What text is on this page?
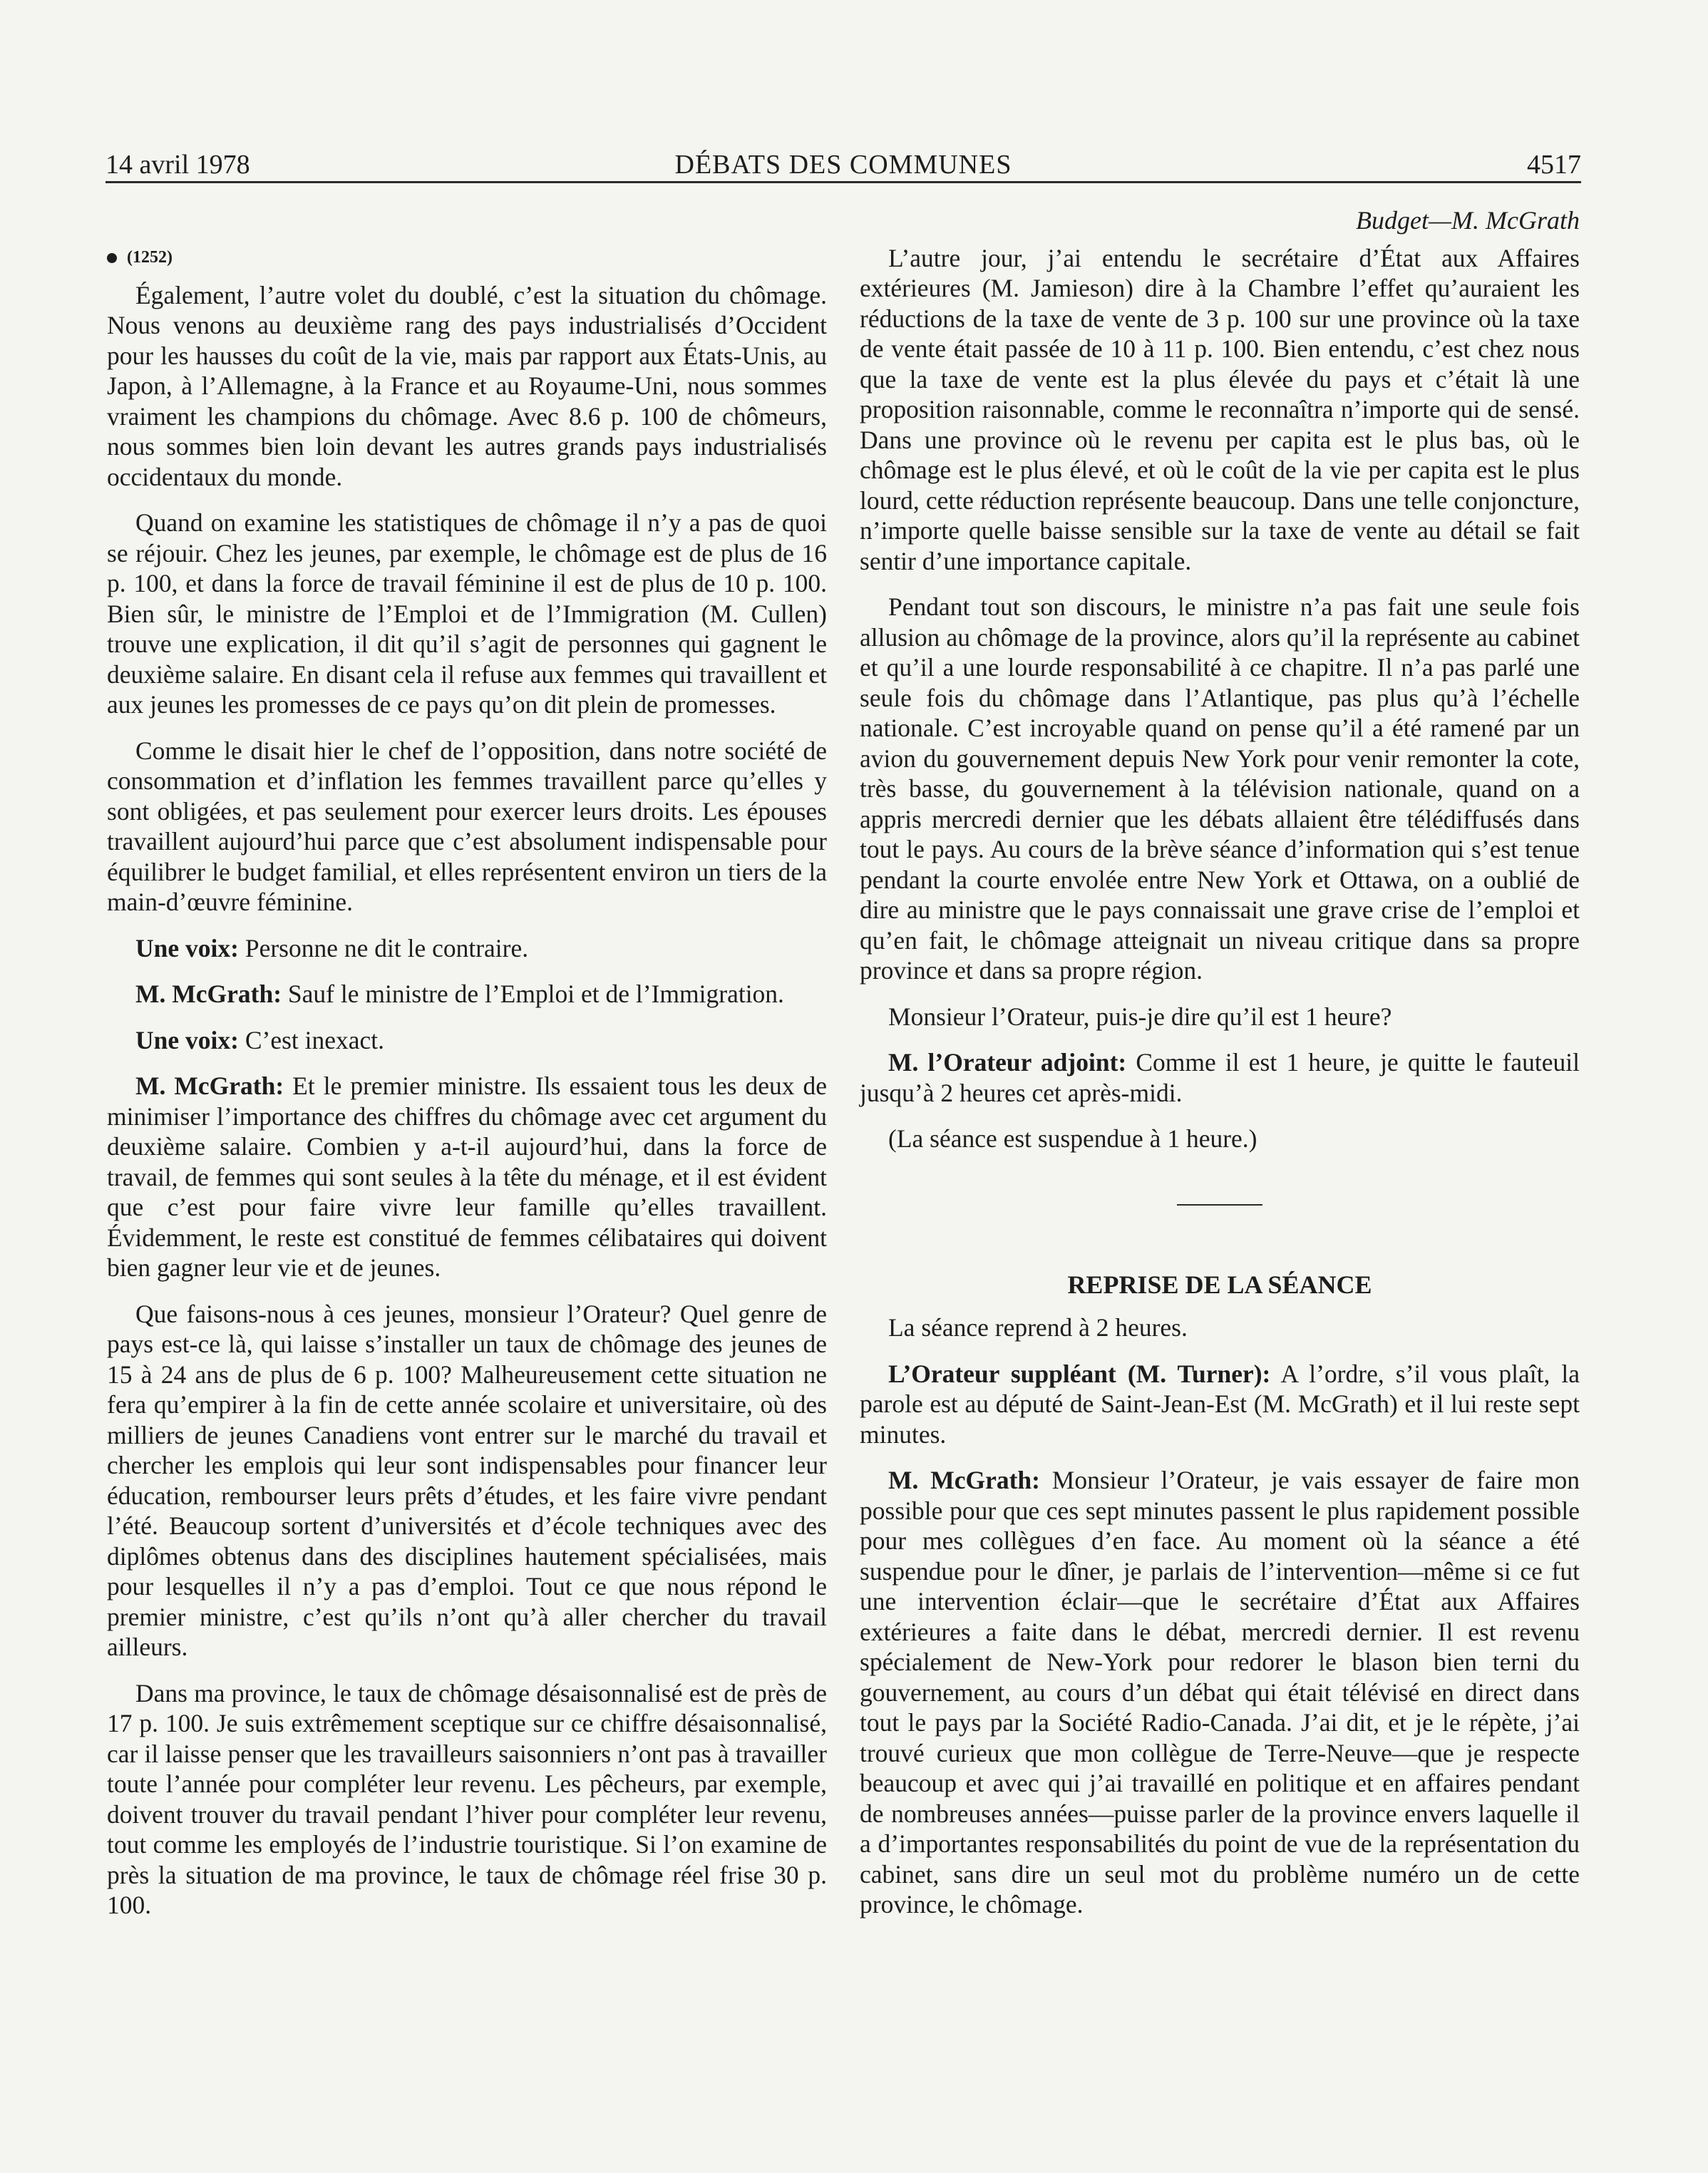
14 avril 1978	DÉBATS DES COMMUNES	4517
(1252)

Également, l’autre volet du doublé, c’est la situation du chômage. Nous venons au deuxième rang des pays industrialisés d’Occident pour les hausses du coût de la vie, mais par rapport aux États-Unis, au Japon, à l’Allemagne, à la France et au Royaume-Uni, nous sommes vraiment les champions du chômage. Avec 8.6 p. 100 de chômeurs, nous sommes bien loin devant les autres grands pays industrialisés occidentaux du monde.

Quand on examine les statistiques de chômage il n’y a pas de quoi se réjouir. Chez les jeunes, par exemple, le chômage est de plus de 16 p. 100, et dans la force de travail féminine il est de plus de 10 p. 100. Bien sûr, le ministre de l’Emploi et de l’Immigration (M. Cullen) trouve une explication, il dit qu’il s’agit de personnes qui gagnent le deuxième salaire. En disant cela il refuse aux femmes qui travaillent et aux jeunes les promesses de ce pays qu’on dit plein de promesses.

Comme le disait hier le chef de l’opposition, dans notre société de consommation et d’inflation les femmes travaillent parce qu’elles y sont obligées, et pas seulement pour exercer leurs droits. Les épouses travaillent aujourd’hui parce que c’est absolument indispensable pour équilibrer le budget familial, et elles représentent environ un tiers de la main-d’œuvre féminine.

Une voix: Personne ne dit le contraire.

M. McGrath: Sauf le ministre de l’Emploi et de l’Immigration.

Une voix: C’est inexact.

M. McGrath: Et le premier ministre. Ils essaient tous les deux de minimiser l’importance des chiffres du chômage avec cet argument du deuxième salaire. Combien y a-t-il aujourd’hui, dans la force de travail, de femmes qui sont seules à la tête du ménage, et il est évident que c’est pour faire vivre leur famille qu’elles travaillent. Évidemment, le reste est constitué de femmes célibataires qui doivent bien gagner leur vie et de jeunes.

Que faisons-nous à ces jeunes, monsieur l’Orateur? Quel genre de pays est-ce là, qui laisse s’installer un taux de chômage des jeunes de 15 à 24 ans de plus de 6 p. 100? Malheureusement cette situation ne fera qu’empirer à la fin de cette année scolaire et universitaire, où des milliers de jeunes Canadiens vont entrer sur le marché du travail et chercher les emplois qui leur sont indispensables pour financer leur éducation, rembourser leurs prêts d’études, et les faire vivre pendant l’été. Beaucoup sortent d’universités et d’école techniques avec des diplômes obtenus dans des disciplines hautement spécialisées, mais pour lesquelles il n’y a pas d’emploi. Tout ce que nous répond le premier ministre, c’est qu’ils n’ont qu’à aller chercher du travail ailleurs.

Dans ma province, le taux de chômage désaisonnalisé est de près de 17 p. 100. Je suis extrêmement sceptique sur ce chiffre désaisonnalisé, car il laisse penser que les travailleurs saisonniers n’ont pas à travailler toute l’année pour compléter leur revenu. Les pêcheurs, par exemple, doivent trouver du travail pendant l’hiver pour compléter leur revenu, tout comme les employés de l’industrie touristique. Si l’on examine de près la situation de ma province, le taux de chômage réel frise 30 p. 100.

Budget—M. McGrath

L’autre jour, j’ai entendu le secrétaire d’État aux Affaires extérieures (M. Jamieson) dire à la Chambre l’effet qu’auraient les réductions de la taxe de vente de 3 p. 100 sur une province où la taxe de vente était passée de 10 à 11 p. 100. Bien entendu, c’est chez nous que la taxe de vente est la plus élevée du pays et c’était là une proposition raisonnable, comme le reconnaîtra n’importe qui de sensé. Dans une province où le revenu per capita est le plus bas, où le chômage est le plus élevé, et où le coût de la vie per capita est le plus lourd, cette réduction représente beaucoup. Dans une telle conjoncture, n’importe quelle baisse sensible sur la taxe de vente au détail se fait sentir d’une importance capitale.

Pendant tout son discours, le ministre n’a pas fait une seule fois allusion au chômage de la province, alors qu’il la représente au cabinet et qu’il a une lourde responsabilité à ce chapitre. Il n’a pas parlé une seule fois du chômage dans l’Atlantique, pas plus qu’à l’échelle nationale. C’est incroyable quand on pense qu’il a été ramené par un avion du gouvernement depuis New York pour venir remonter la cote, très basse, du gouvernement à la télévision nationale, quand on a appris mercredi dernier que les débats allaient être télédiffusés dans tout le pays. Au cours de la brève séance d’information qui s’est tenue pendant la courte envolée entre New York et Ottawa, on a oublié de dire au ministre que le pays connaissait une grave crise de l’emploi et qu’en fait, le chômage atteignait un niveau critique dans sa propre province et dans sa propre région.

Monsieur l’Orateur, puis-je dire qu’il est 1 heure?

M. l’Orateur adjoint: Comme il est 1 heure, je quitte le fauteuil jusqu’à 2 heures cet après-midi.

(La séance est suspendue à 1 heure.)

REPRISE DE LA SÉANCE

La séance reprend à 2 heures.

L’Orateur suppléant (M. Turner): A l’ordre, s’il vous plaît, la parole est au député de Saint-Jean-Est (M. McGrath) et il lui reste sept minutes.

M. McGrath: Monsieur l’Orateur, je vais essayer de faire mon possible pour que ces sept minutes passent le plus rapidement possible pour mes collègues d’en face. Au moment où la séance a été suspendue pour le dîner, je parlais de l’intervention—même si ce fut une intervention éclair—que le secrétaire d’État aux Affaires extérieures a faite dans le débat, mercredi dernier. Il est revenu spécialement de New-York pour redorer le blason bien terni du gouvernement, au cours d’un débat qui était télévisé en direct dans tout le pays par la Société Radio-Canada. J’ai dit, et je le répète, j’ai trouvé curieux que mon collègue de Terre-Neuve—que je respecte beaucoup et avec qui j’ai travaillé en politique et en affaires pendant de nombreuses années—puisse parler de la province envers laquelle il a d’importantes responsabilités du point de vue de la représentation du cabinet, sans dire un seul mot du problème numéro un de cette province, le chômage.
